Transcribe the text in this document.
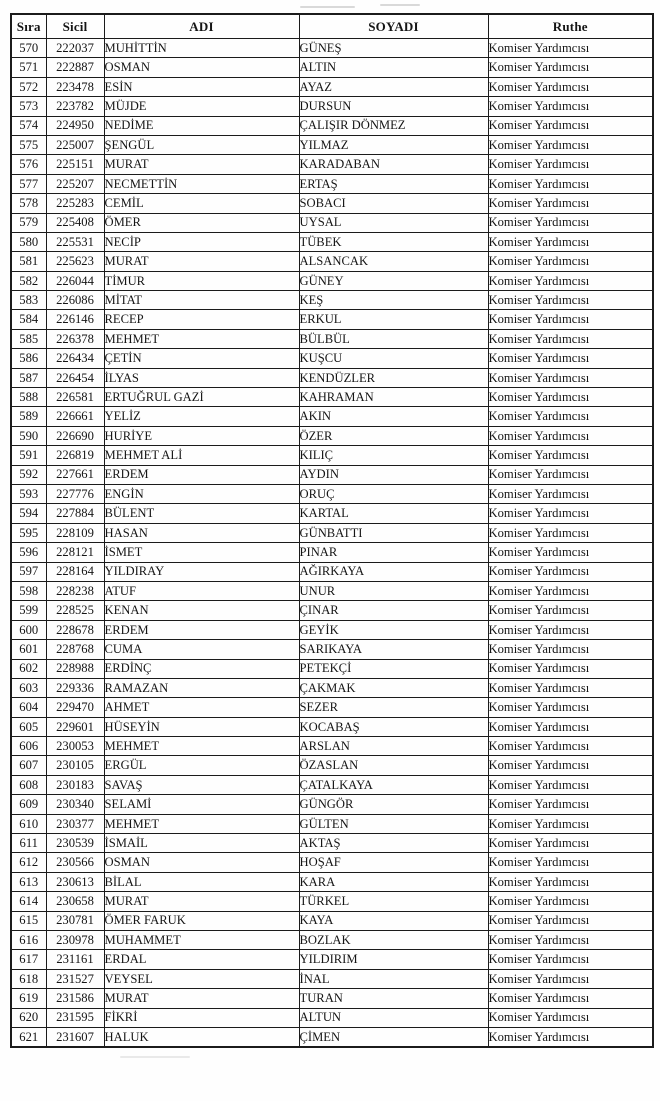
Sıra	Sicil	ADI	SOYADI	Ruthe
570	222037	MUHİTTİN	GÜNEŞ	Komiser Yardımcısı
571	222887	OSMAN	ALTIN	Komiser Yardımcısı
572	223478	ESİN	AYAZ	Komiser Yardımcısı
573	223782	MÜJDE	DURSUN	Komiser Yardımcısı
574	224950	NEDİME	ÇALIŞIR DÖNMEZ	Komiser Yardımcısı
575	225007	ŞENGÜL	YILMAZ	Komiser Yardımcısı
576	225151	MURAT	KARADABAN	Komiser Yardımcısı
577	225207	NECMETTİN	ERTAŞ	Komiser Yardımcısı
578	225283	CEMİL	SOBACI	Komiser Yardımcısı
579	225408	ÖMER	UYSAL	Komiser Yardımcısı
580	225531	NECİP	TÜBEK	Komiser Yardımcısı
581	225623	MURAT	ALSANCAK	Komiser Yardımcısı
582	226044	TİMUR	GÜNEY	Komiser Yardımcısı
583	226086	MİTAT	KEŞ	Komiser Yardımcısı
584	226146	RECEP	ERKUL	Komiser Yardımcısı
585	226378	MEHMET	BÜLBÜL	Komiser Yardımcısı
586	226434	ÇETİN	KUŞCU	Komiser Yardımcısı
587	226454	İLYAS	KENDÜZLER	Komiser Yardımcısı
588	226581	ERTUĞRUL GAZİ	KAHRAMAN	Komiser Yardımcısı
589	226661	YELİZ	AKIN	Komiser Yardımcısı
590	226690	HURİYE	ÖZER	Komiser Yardımcısı
591	226819	MEHMET ALİ	KILIÇ	Komiser Yardımcısı
592	227661	ERDEM	AYDIN	Komiser Yardımcısı
593	227776	ENGİN	ORUÇ	Komiser Yardımcısı
594	227884	BÜLENT	KARTAL	Komiser Yardımcısı
595	228109	HASAN	GÜNBATTI	Komiser Yardımcısı
596	228121	İSMET	PINAR	Komiser Yardımcısı
597	228164	YILDIRAY	AĞIRKAYA	Komiser Yardımcısı
598	228238	ATUF	UNUR	Komiser Yardımcısı
599	228525	KENAN	ÇINAR	Komiser Yardımcısı
600	228678	ERDEM	GEYİK	Komiser Yardımcısı
601	228768	CUMA	SARIKAYA	Komiser Yardımcısı
602	228988	ERDİNÇ	PETEKÇİ	Komiser Yardımcısı
603	229336	RAMAZAN	ÇAKMAK	Komiser Yardımcısı
604	229470	AHMET	SEZER	Komiser Yardımcısı
605	229601	HÜSEYİN	KOCABAŞ	Komiser Yardımcısı
606	230053	MEHMET	ARSLAN	Komiser Yardımcısı
607	230105	ERGÜL	ÖZASLAN	Komiser Yardımcısı
608	230183	SAVAŞ	ÇATALKAYA	Komiser Yardımcısı
609	230340	SELAMİ	GÜNGÖR	Komiser Yardımcısı
610	230377	MEHMET	GÜLTEN	Komiser Yardımcısı
611	230539	İSMAİL	AKTAŞ	Komiser Yardımcısı
612	230566	OSMAN	HOŞAF	Komiser Yardımcısı
613	230613	BİLAL	KARA	Komiser Yardımcısı
614	230658	MURAT	TÜRKEL	Komiser Yardımcısı
615	230781	ÖMER FARUK	KAYA	Komiser Yardımcısı
616	230978	MUHAMMET	BOZLAK	Komiser Yardımcısı
617	231161	ERDAL	YILDIRIM	Komiser Yardımcısı
618	231527	VEYSEL	İNAL	Komiser Yardımcısı
619	231586	MURAT	TURAN	Komiser Yardımcısı
620	231595	FİKRİ	ALTUN	Komiser Yardımcısı
621	231607	HALUK	ÇİMEN	Komiser Yardımcısı
